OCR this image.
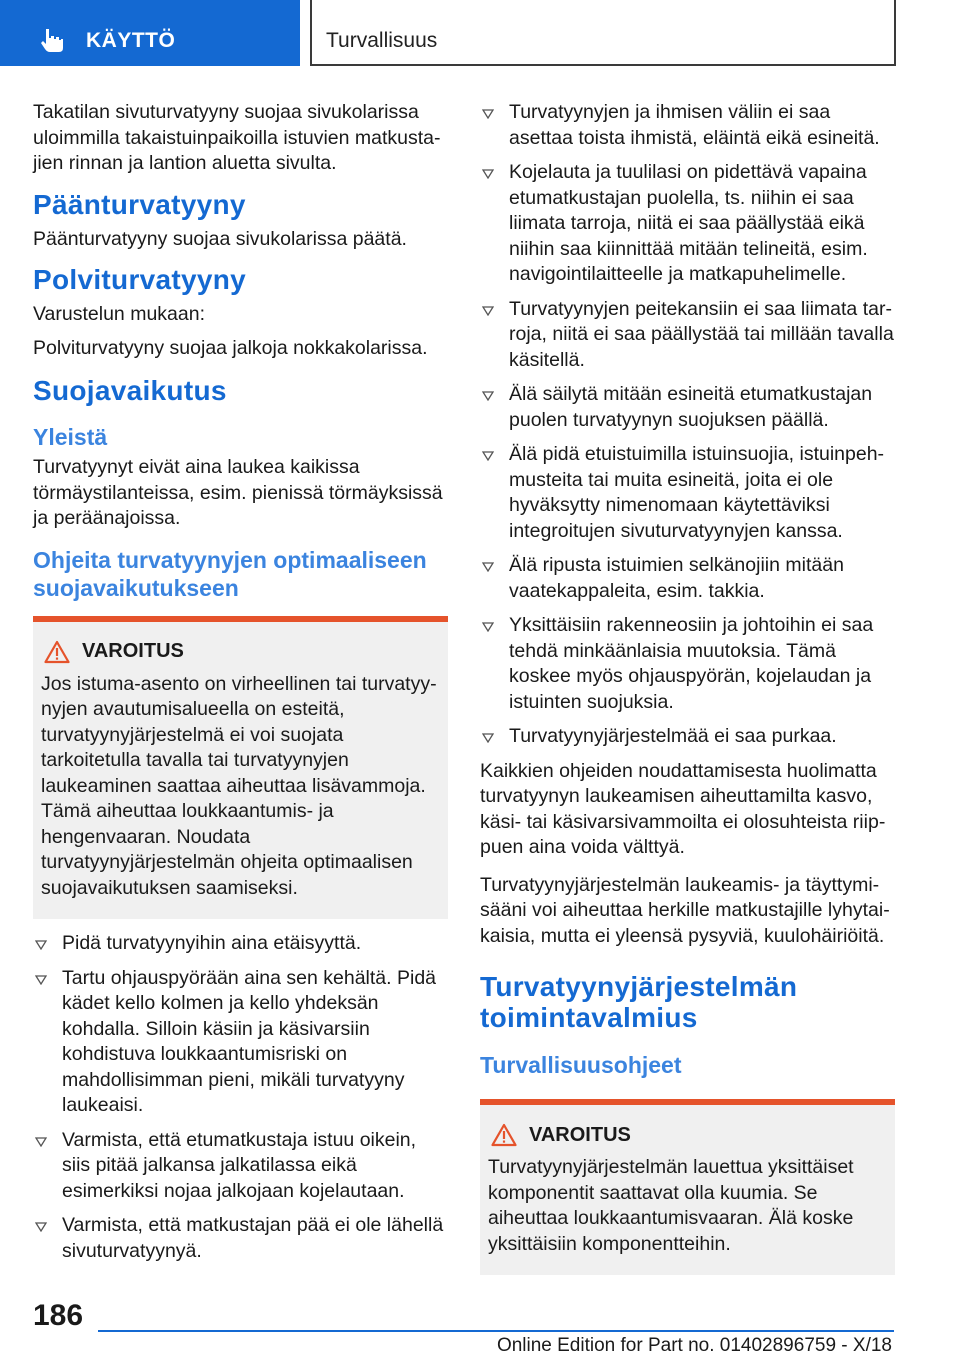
KÄYTTÖ	Turvallisuus

Takatilan sivuturvatyyny suojaa sivukolarissa uloimmilla takaistuinpaikoilla istuvien matkustajien rinnan ja lantion aluetta sivulta.

Päänturvatyyny

Päänturvatyyny suojaa sivukolarissa päätä.

Polviturvatyyny

Varustelun mukaan:

Polviturvatyyny suojaa jalkoja nokkakolarissa.

Suojavaikutus
Yleistä

Turvatyynyt eivät aina laukea kaikissa törmäystilanteissa, esim. pienissä törmäyksissä ja peräänajoissa.

Ohjeita turvatyynyjen optimaaliseen suojavaikutukseen
VAROITUS

Jos istuma-asento on virheellinen tai turvatyynyjen avautumisalueella on esteitä, turvatyynyjärjestelmä ei voi suojata tarkoitetulla tavalla tai turvatyynyjen laukeaminen saattaa aiheuttaa lisävammoja. Tämä aiheuttaa loukkaantumis- ja hengenvaaran. Noudata turvatyynyjärjestelmän ohjeita optimaalisen suojavaikutuksen saamiseksi.

Pidä turvatyynyihin aina etäisyyttä.
Tartu ohjauspyörään aina sen kehältä. Pidä kädet kello kolmen ja kello yhdeksän kohdalla. Silloin käsiin ja käsivarsiin kohdistuva loukkaantumisriski on mahdollisimman pieni, mikäli turvatyyny laukeaisi.
Varmista, että etumatkustaja istuu oikein, siis pitää jalkansa jalkatilassa eikä esimerkiksi nojaa jalkojaan kojelautaan.
Varmista, että matkustajan pää ei ole lähellä sivuturvatyynyä.
Turvatyynyjen ja ihmisen väliin ei saa asettaa toista ihmistä, eläintä eikä esineitä.
Kojelauta ja tuulilasi on pidettävä vapaina etumatkustajan puolella, ts. niihin ei saa liimata tarroja, niitä ei saa päällystää eikä niihin saa kiinnittää mitään telineitä, esim. navigointilaitteelle ja matkapuhelimelle.
Turvatyynyjen peitekansiin ei saa liimata tarroja, niitä ei saa päällystää tai millään tavalla käsitellä.
Älä säilytä mitään esineitä etumatkustajan puolen turvatyynyn suojuksen päällä.
Älä pidä etuistuimilla istuinsuojia, istuinpehmusteita tai muita esineitä, joita ei ole hyväksytty nimenomaan käytettäviksi integroitujen sivuturvatyynyjen kanssa.
Älä ripusta istuimien selkänojiin mitään vaatekappaleita, esim. takkia.
Yksittäisiin rakenneosiin ja johtoihin ei saa tehdä minkäänlaisia muutoksia. Tämä koskee myös ohjauspyörän, kojelaudan ja istuinten suojuksia.
Turvatyynyjärjestelmää ei saa purkaa.

Kaikkien ohjeiden noudattamisesta huolimatta turvatyynyn laukeamisen aiheuttamilta kasvo, käsi- tai käsivarsivammoilta ei olosuhteista riippuen aina voida välttyä.

Turvatyynyjärjestelmän laukeamis- ja täyttymisääni voi aiheuttaa herkille matkustajille lyhytaikaisia, mutta ei yleensä pysyviä, kuulohäiriöitä.

Turvatyynyjärjestelmän toimintavalmius
Turvallisuusohjeet
VAROITUS

Turvatyynyjärjestelmän lauettua yksittäiset komponentit saattavat olla kuumia. Se aiheuttaa loukkaantumisvaaran. Älä koske yksittäisiin komponentteihin.

186
Online Edition for Part no. 01402896759 - X/18
